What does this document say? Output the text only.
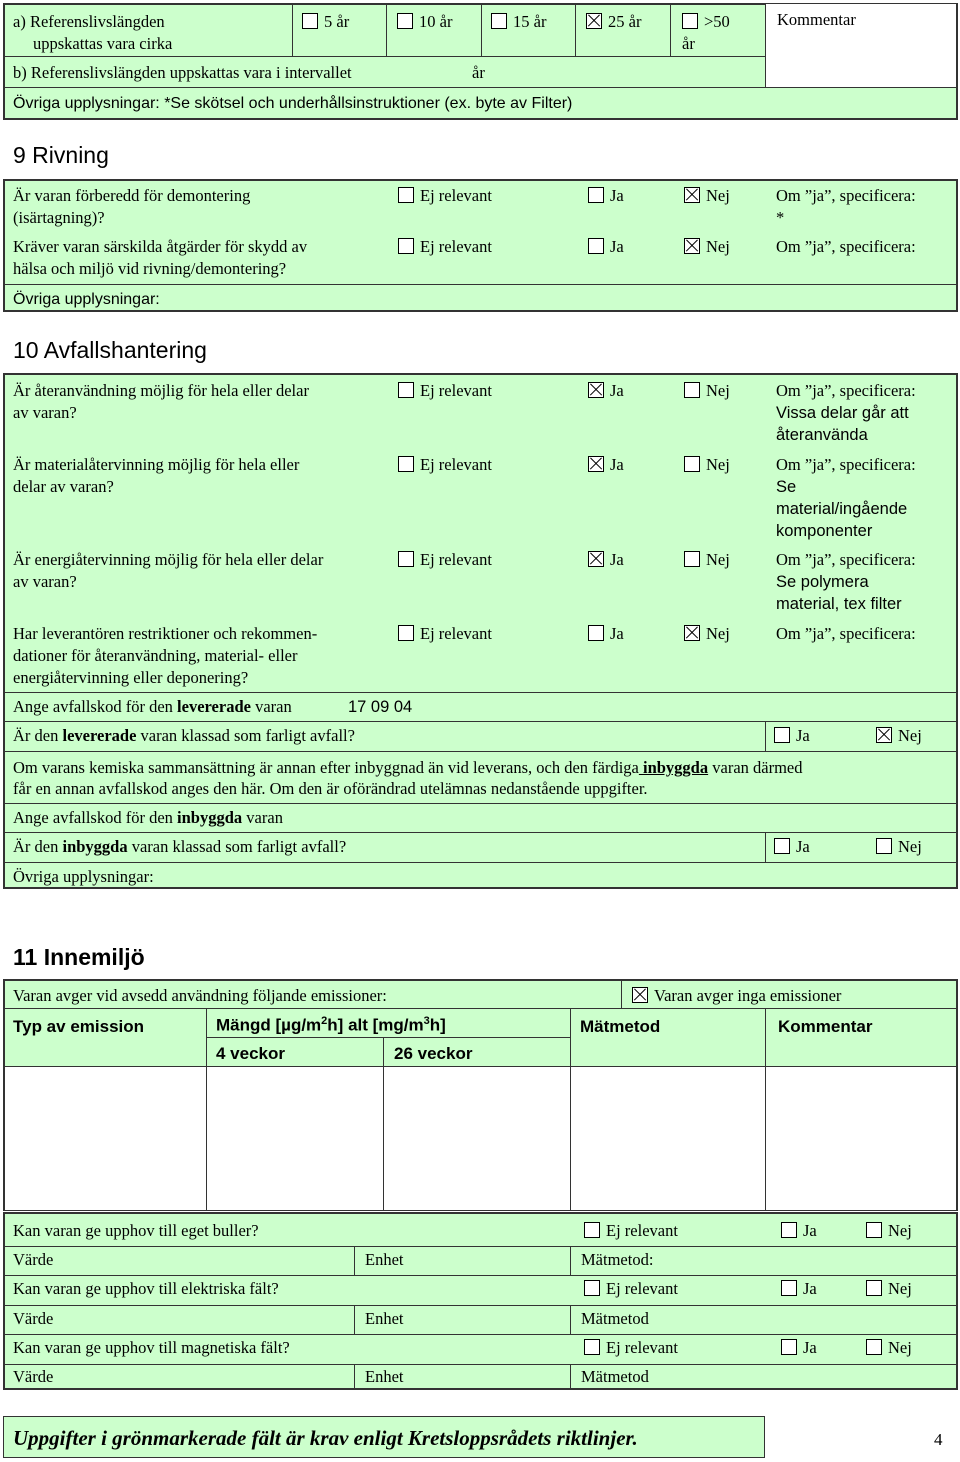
a) Referenslivslängden
uppskattas vara cirka
5 år	10 år	15 år	25 år	>50
år
Kommentar
b) Referenslivslängden uppskattas vara i intervallet	år
Övriga upplysningar: *Se skötsel och underhållsinstruktioner (ex. byte av Filter)
9 Rivning
Är varan förberedd för demontering
(isärtagning)?
Ej relevant	Ja	Nej	Om ”ja”, specificera:
*
Kräver varan särskilda åtgärder för skydd av
hälsa och miljö vid rivning/demontering?
Ej relevant	Ja	Nej	Om ”ja”, specificera:
Övriga upplysningar:
10 Avfallshantering
Är återanvändning möjlig för hela eller delar
av varan?
Ej relevant	Ja	Nej	Om ”ja”, specificera:
Vissa delar går att
återanvända
Är materialåtervinning möjlig för hela eller
delar av varan?
Ej relevant	Ja	Nej	Om ”ja”, specificera:
Se
material/ingående
komponenter
Är energiåtervinning möjlig för hela eller delar
av varan?
Ej relevant	Ja	Nej	Om ”ja”, specificera:
Se polymera
material, tex filter
Har leverantören restriktioner och rekommen-
dationer för återanvändning, material- eller
energiåtervinning eller deponering?
Ej relevant	Ja	Nej	Om ”ja”, specificera:
Ange avfallskod för den levererade varan	17 09 04
Är den levererade varan klassad som farligt avfall?	Ja	Nej
Om varans kemiska sammansättning är annan efter inbyggnad än vid leverans, och den färdiga inbyggda varan därmed
får en annan avfallskod anges den här. Om den är oförändrad utelämnas nedanstående uppgifter.
Ange avfallskod för den inbyggda varan
Är den inbyggda varan klassad som farligt avfall?	Ja	Nej
Övriga upplysningar:
11 Innemiljö
Varan avger vid avsedd användning följande emissioner:	Varan avger inga emissioner
Typ av emission	Mängd $[\mu g/m^2h]$ alt $[mg/m^3h]$
4 veckor	26 veckor
Mätmetod	Kommentar
Kan varan ge upphov till eget buller?	Ej relevant	Ja	Nej
Värde	Enhet	Mätmetod:
Kan varan ge upphov till elektriska fält?	Ej relevant	Ja	Nej
Värde	Enhet	Mätmetod
Kan varan ge upphov till magnetiska fält?	Ej relevant	Ja	Nej
Värde	Enhet	Mätmetod
Uppgifter i grönmarkerade fält är krav enligt Kretsloppsrådets riktlinjer.	4
